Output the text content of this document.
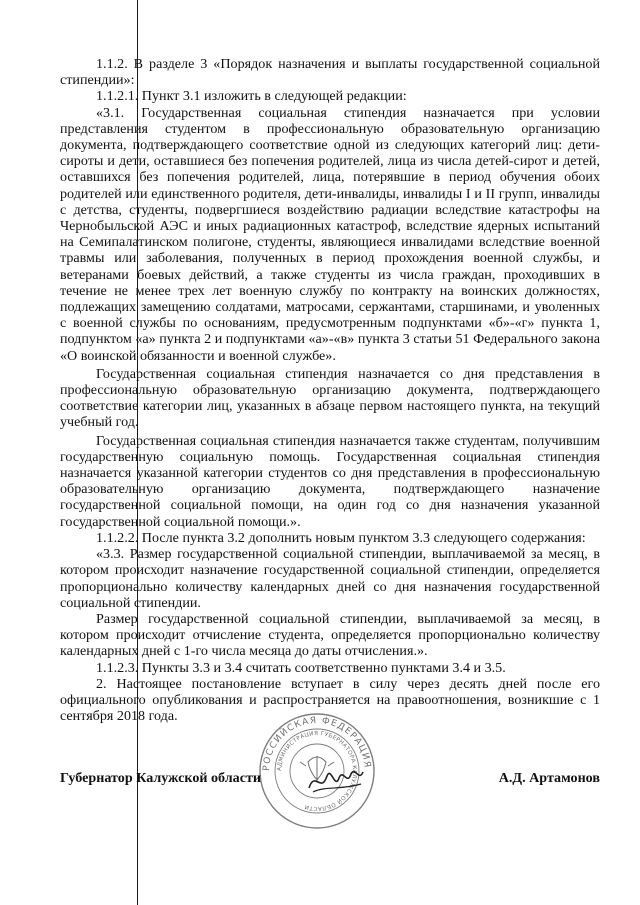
1.1.2. В разделе 3 «Порядок назначения и выплаты государственной социальной стипендии»:

1.1.2.1. Пункт 3.1 изложить в следующей редакции:

«3.1. Государственная социальная стипендия назначается при условии представления студентом в профессиональную образовательную организацию документа, подтверждающего соответствие одной из следующих категорий лиц: дети-сироты и дети, оставшиеся без попечения родителей, лица из числа детей-сирот и детей, оставшихся без попечения родителей, лица, потерявшие в период обучения обоих родителей или единственного родителя, дети-инвалиды, инвалиды I и II групп, инвалиды с детства, студенты, подвергшиеся воздействию радиации вследствие катастрофы на Чернобыльской АЭС и иных радиационных катастроф, вследствие ядерных испытаний на Семипалатинском полигоне, студенты, являющиеся инвалидами вследствие военной травмы или заболевания, полученных в период прохождения военной службы, и ветеранами боевых действий, а также студенты из числа граждан, проходивших в течение не менее трех лет военную службу по контракту на воинских должностях, подлежащих замещению солдатами, матросами, сержантами, старшинами, и уволенных с военной службы по основаниям, предусмотренным подпунктами «б»-«г» пункта 1, подпунктом «а» пункта 2 и подпунктами «а»-«в» пункта 3 статьи 51 Федерального закона «О воинской обязанности и военной службе».

Государственная социальная стипендия назначается со дня представления в профессиональную образовательную организацию документа, подтверждающего соответствие категории лиц, указанных в абзаце первом настоящего пункта, на текущий учебный год.

Государственная социальная стипендия назначается также студентам, получившим государственную социальную помощь. Государственная социальная стипендия назначается указанной категории студентов со дня представления в профессиональную образовательную организацию документа, подтверждающего назначение государственной социальной помощи, на один год со дня назначения указанной государственной социальной помощи.».

1.1.2.2. После пункта 3.2 дополнить новым пунктом 3.3 следующего содержания:

«3.3. Размер государственной социальной стипендии, выплачиваемой за месяц, в котором происходит назначение государственной социальной стипендии, определяется пропорционально количеству календарных дней со дня назначения государственной социальной стипендии.

Размер государственной социальной стипендии, выплачиваемой за месяц, в котором происходит отчисление студента, определяется пропорционально количеству календарных дней с 1-го числа месяца до даты отчисления.».

1.1.2.3. Пункты 3.3 и 3.4 считать соответственно пунктами 3.4 и 3.5.

2. Настоящее постановление вступает в силу через десять дней после его официального опубликования и распространяется на правоотношения, возникшие с 1 сентября 2018 года.

РОССИЙСКАЯ ФЕДЕРАЦИЯ
АДМИНИСТРАЦИЯ ГУБЕРНАТОРА КАЛУЖСКОЙ ОБЛАСТИ
Губернатор Калужской области	А.Д. Артамонов
